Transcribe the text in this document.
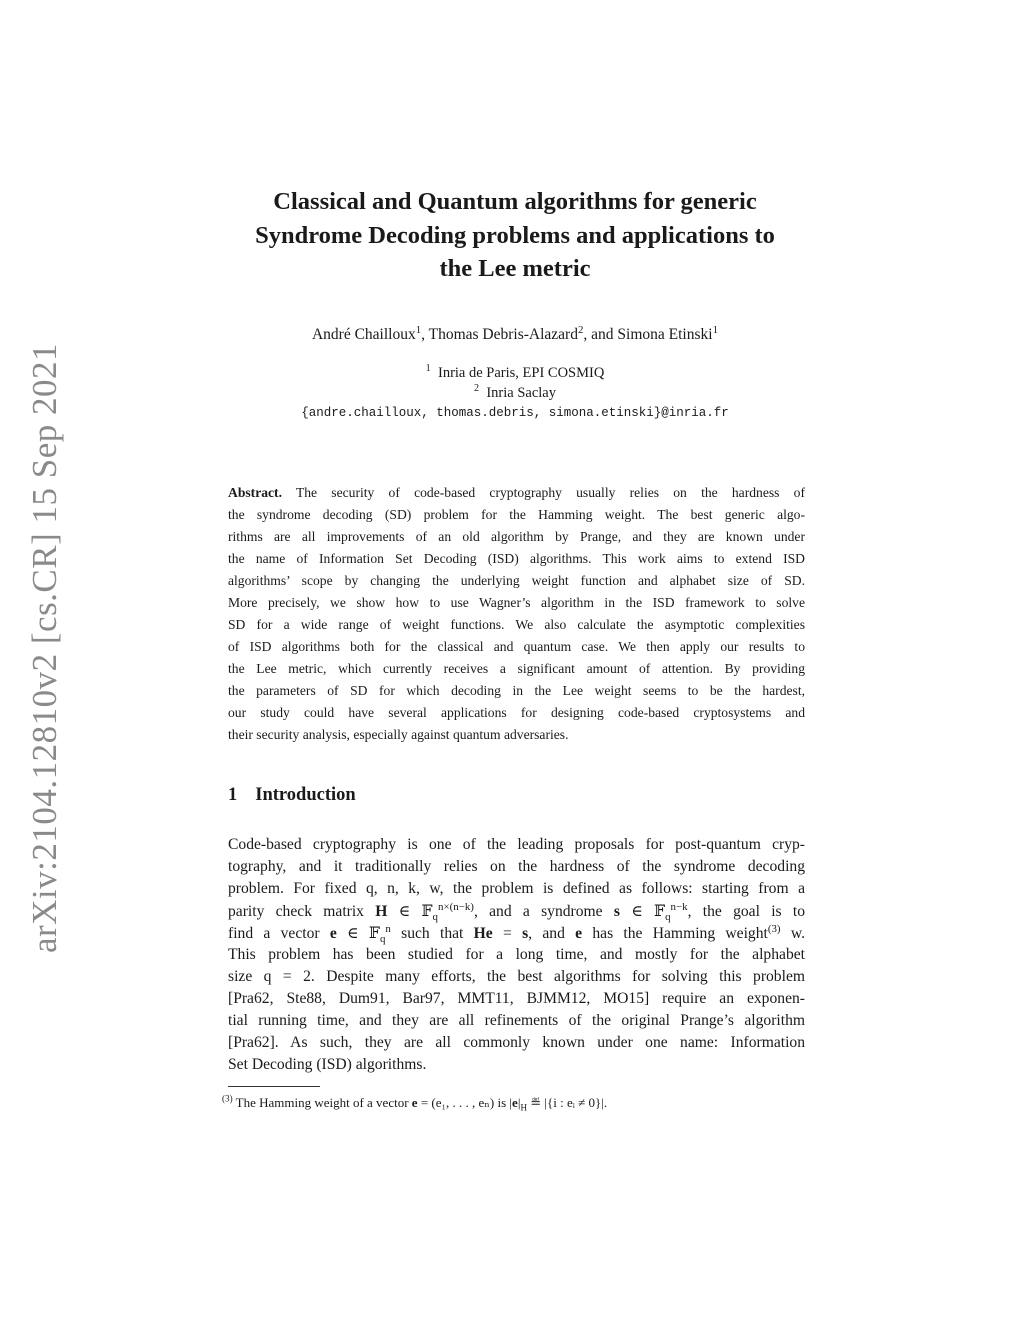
arXiv:2104.12810v2 [cs.CR] 15 Sep 2021
Classical and Quantum algorithms for generic
Syndrome Decoding problems and applications to
the Lee metric
André Chailloux$^1$, Thomas Debris-Alazard$^2$, and Simona Etinski$^1$
$^1$ Inria de Paris, EPI COSMIQ
$^2$ Inria Saclay
{andre.chailloux, thomas.debris, simona.etinski}@inria.fr
Abstract. The security of code-based cryptography usually relies on the hardness of
the syndrome decoding (SD) problem for the Hamming weight. The best generic algo-
rithms are all improvements of an old algorithm by Prange, and they are known under
the name of Information Set Decoding (ISD) algorithms. This work aims to extend ISD
algorithms’ scope by changing the underlying weight function and alphabet size of SD.
More precisely, we show how to use Wagner’s algorithm in the ISD framework to solve
SD for a wide range of weight functions. We also calculate the asymptotic complexities
of ISD algorithms both for the classical and quantum case. We then apply our results to
the Lee metric, which currently receives a significant amount of attention. By providing
the parameters of SD for which decoding in the Lee weight seems to be the hardest,
our study could have several applications for designing code-based cryptosystems and
their security analysis, especially against quantum adversaries.
1 Introduction
Code-based cryptography is one of the leading proposals for post-quantum cryp-
tography, and it traditionally relies on the hardness of the syndrome decoding
problem. For fixed q, n, k, w, the problem is defined as follows: starting from a
parity check matrix H ∈ 𝔽$_q^{n\times(n-k)}$, and a syndrome s ∈ 𝔽$_q^{n-k}$, the goal is to
find a vector e ∈ 𝔽$_q^n$ such that He = s, and e has the Hamming weight$^{(3)}$ w.
This problem has been studied for a long time, and mostly for the alphabet
size q = 2. Despite many efforts, the best algorithms for solving this problem
[Pra62, Ste88, Dum91, Bar97, MMT11, BJMM12, MO15] require an exponen-
tial running time, and they are all refinements of the original Prange’s algorithm
[Pra62]. As such, they are all commonly known under one name: Information
Set Decoding (ISD) algorithms.
$^{(3)}$ The Hamming weight of a vector e = (e₁, . . . , eₙ) is $|e|_H$ ≝ |{i : eᵢ ≠ 0}|.
